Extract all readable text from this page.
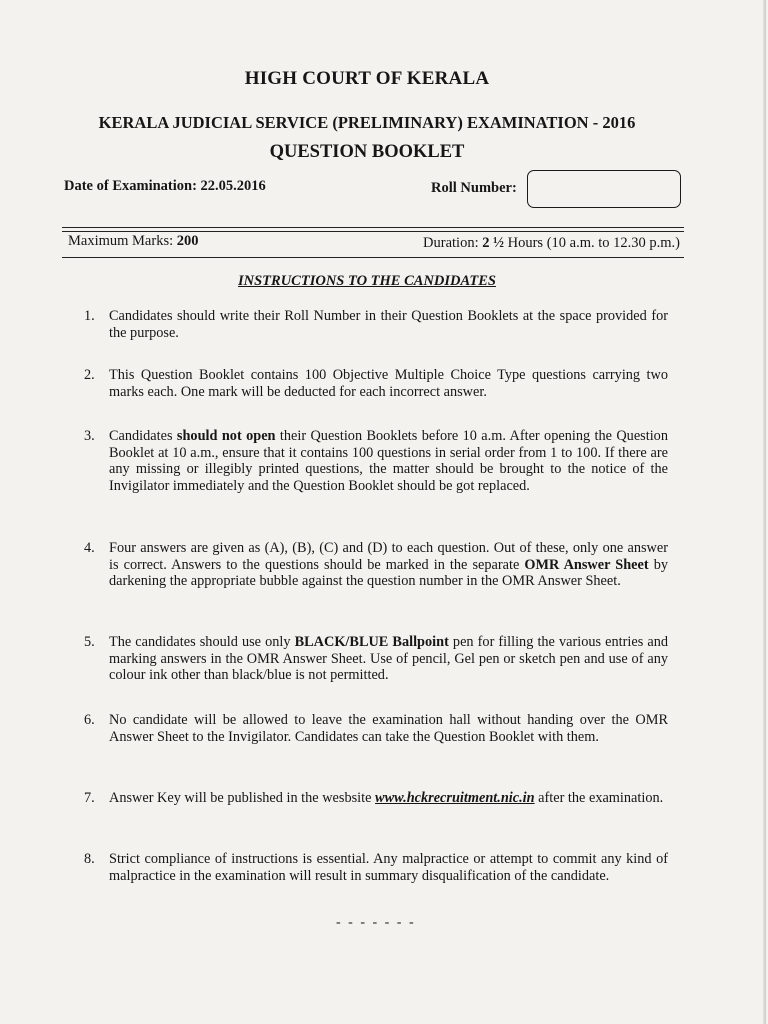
HIGH COURT OF KERALA
KERALA JUDICIAL SERVICE (PRELIMINARY) EXAMINATION - 2016
QUESTION BOOKLET
Date of Examination: 22.05.2016	Roll Number:
Maximum Marks: 200	Duration: 2 ½ Hours (10 a.m. to 12.30 p.m.)
INSTRUCTIONS TO THE CANDIDATES
1. Candidates should write their Roll Number in their Question Booklets at the space provided for the purpose.
2. This Question Booklet contains 100 Objective Multiple Choice Type questions carrying two marks each. One mark will be deducted for each incorrect answer.
3. Candidates should not open their Question Booklets before 10 a.m. After opening the Question Booklet at 10 a.m., ensure that it contains 100 questions in serial order from 1 to 100. If there are any missing or illegibly printed questions, the matter should be brought to the notice of the Invigilator immediately and the Question Booklet should be got replaced.
4. Four answers are given as (A), (B), (C) and (D) to each question. Out of these, only one answer is correct. Answers to the questions should be marked in the separate OMR Answer Sheet by darkening the appropriate bubble against the question number in the OMR Answer Sheet.
5. The candidates should use only BLACK/BLUE Ballpoint pen for filling the various entries and marking answers in the OMR Answer Sheet. Use of pencil, Gel pen or sketch pen and use of any colour ink other than black/blue is not permitted.
6. No candidate will be allowed to leave the examination hall without handing over the OMR Answer Sheet to the Invigilator. Candidates can take the Question Booklet with them.
7. Answer Key will be published in the wesbsite www.hckrecruitment.nic.in after the examination.
8. Strict compliance of instructions is essential. Any malpractice or attempt to commit any kind of malpractice in the examination will result in summary disqualification of the candidate.
- - - - - - -
